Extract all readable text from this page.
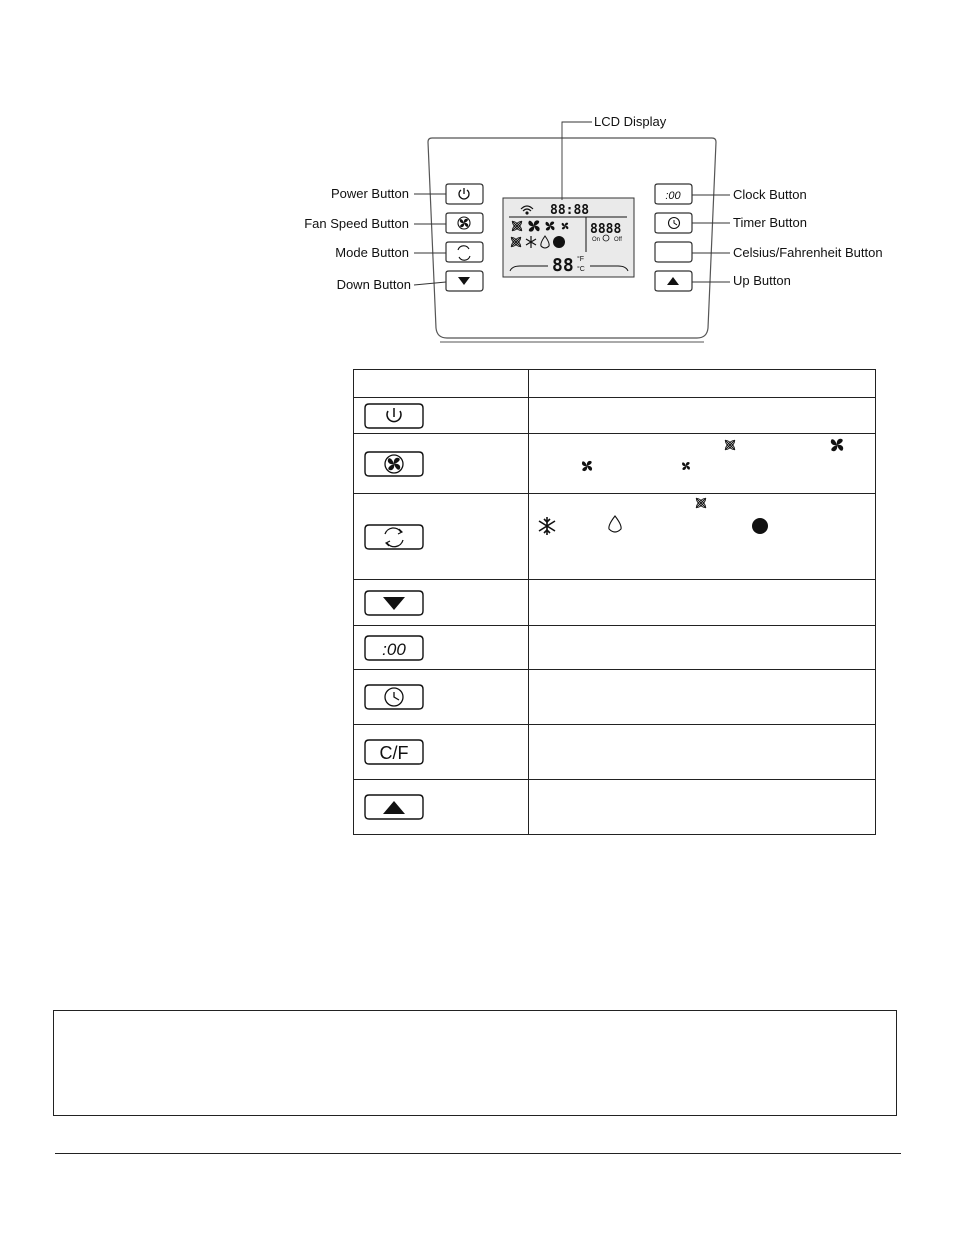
88:88
8888
On Off
88 °F
°C
:00
LCD Display
Power Button
Fan Speed Button
Mode Button
Down Button
Clock Button
Timer Button
Celsius/Fahrenheit Button
Up Button

:00	

C/F	
